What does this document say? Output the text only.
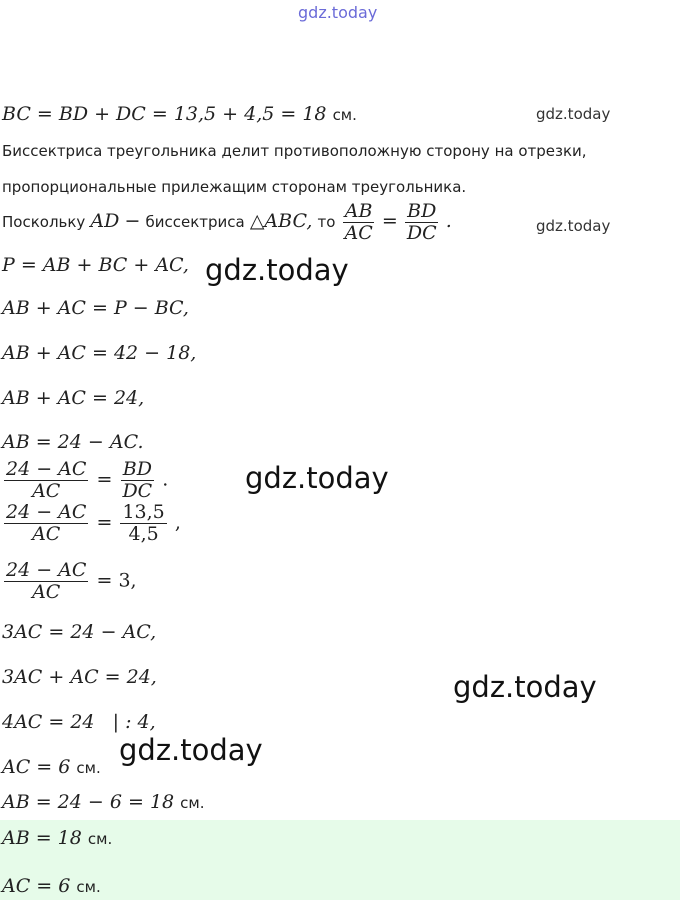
gdz.today
BC = BD + DC = 13,5 + 4,5 = 18 см.	gdz.today
Биссектриса треугольника делит противоположную сторону на отрезки,
пропорциональные прилежащим сторонам треугольника.
Поскольку AD − биссектриса △ABC, то $\frac{AB}{AC} = \frac{BD}{DC}$ .	gdz.today
P = AB + BC + AC, gdz.today
AB + AC = P − BC,
AB + AC = 42 − 18,
AB + AC = 24,
AB = 24 − AC.
$\frac{24 - AC}{AC} = \frac{BD}{DC}$ .	gdz.today
$\frac{24 - AC}{AC} = \frac{13,5}{4,5}$ ,
$\frac{24 - AC}{AC} = 3$,
3AC = 24 − AC,
3AC + AC = 24,	gdz.today
4AC = 24   | : 4,
gdz.today
AC = 6 см.
AB = 24 − 6 = 18 см.
AB = 18 см.
AC = 6 см.
